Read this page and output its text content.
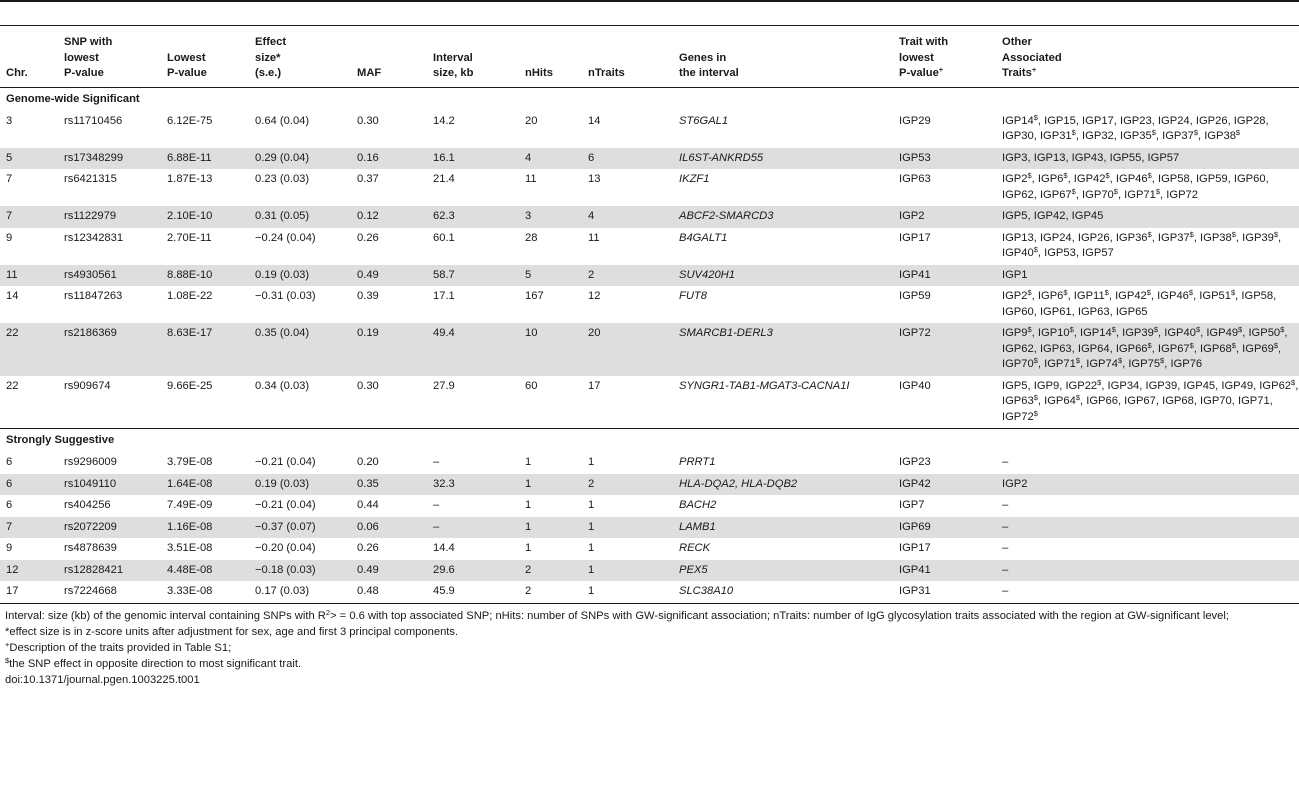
Chr.	SNP with
lowest
P-value	Lowest
P-value	Effect
size*
(s.e.)	MAF	Interval
size, kb	nHits	nTraits	Genes in
the interval	Trait with
lowest
P-value+	Other
Associated
Traits+
Genome-wide Significant										
3	rs11710456	6.12E-75	0.64 (0.04)	0.30	14.2	20	14	ST6GAL1	IGP29	IGP14$, IGP15, IGP17, IGP23, IGP24, IGP26, IGP28, IGP30, IGP31$, IGP32, IGP35$, IGP37$, IGP38$
5	rs17348299	6.88E-11	0.29 (0.04)	0.16	16.1	4	6	IL6ST-ANKRD55	IGP53	IGP3, IGP13, IGP43, IGP55, IGP57
7	rs6421315	1.87E-13	0.23 (0.03)	0.37	21.4	11	13	IKZF1	IGP63	IGP2$, IGP6$, IGP42$, IGP46$, IGP58, IGP59, IGP60, IGP62, IGP67$, IGP70$, IGP71$, IGP72
7	rs1122979	2.10E-10	0.31 (0.05)	0.12	62.3	3	4	ABCF2-SMARCD3	IGP2	IGP5, IGP42, IGP45
9	rs12342831	2.70E-11	−0.24 (0.04)	0.26	60.1	28	11	B4GALT1	IGP17	IGP13, IGP24, IGP26, IGP36$, IGP37$, IGP38$, IGP39$, IGP40$, IGP53, IGP57
11	rs4930561	8.88E-10	0.19 (0.03)	0.49	58.7	5	2	SUV420H1	IGP41	IGP1
14	rs11847263	1.08E-22	−0.31 (0.03)	0.39	17.1	167	12	FUT8	IGP59	IGP2$, IGP6$, IGP11$, IGP42$, IGP46$, IGP51$, IGP58, IGP60, IGP61, IGP63, IGP65
22	rs2186369	8.63E-17	0.35 (0.04)	0.19	49.4	10	20	SMARCB1-DERL3	IGP72	IGP9$, IGP10$, IGP14$, IGP39$, IGP40$, IGP49$, IGP50$, IGP62, IGP63, IGP64, IGP66$, IGP67$, IGP68$, IGP69$, IGP70$, IGP71$, IGP74$, IGP75$, IGP76
22	rs909674	9.66E-25	0.34 (0.03)	0.30	27.9	60	17	SYNGR1-TAB1-MGAT3-CACNA1I	IGP40	IGP5, IGP9, IGP22$, IGP34, IGP39, IGP45, IGP49, IGP62$, IGP63$, IGP64$, IGP66, IGP67, IGP68, IGP70, IGP71, IGP72$
Strongly Suggestive										
6	rs9296009	3.79E-08	−0.21 (0.04)	0.20	–	1	1	PRRT1	IGP23	–
6	rs1049110	1.64E-08	0.19 (0.03)	0.35	32.3	1	2	HLA-DQA2, HLA-DQB2	IGP42	IGP2
6	rs404256	7.49E-09	−0.21 (0.04)	0.44	–	1	1	BACH2	IGP7	–
7	rs2072209	1.16E-08	−0.37 (0.07)	0.06	–	1	1	LAMB1	IGP69	–
9	rs4878639	3.51E-08	−0.20 (0.04)	0.26	14.4	1	1	RECK	IGP17	–
12	rs12828421	4.48E-08	−0.18 (0.03)	0.49	29.6	2	1	PEX5	IGP41	–
17	rs7224668	3.33E-08	0.17 (0.03)	0.48	45.9	2	1	SLC38A10	IGP31	–

Interval: size (kb) of the genomic interval containing SNPs with $R^2> = 0.6$ with top associated SNP; nHits: number of SNPs with GW-significant association; nTraits: number of IgG glycosylation traits associated with the region at GW-significant level;

*effect size is in z-score units after adjustment for sex, age and first 3 principal components.

+Description of the traits provided in Table S1;

$the SNP effect in opposite direction to most significant trait.

doi:10.1371/journal.pgen.1003225.t001
